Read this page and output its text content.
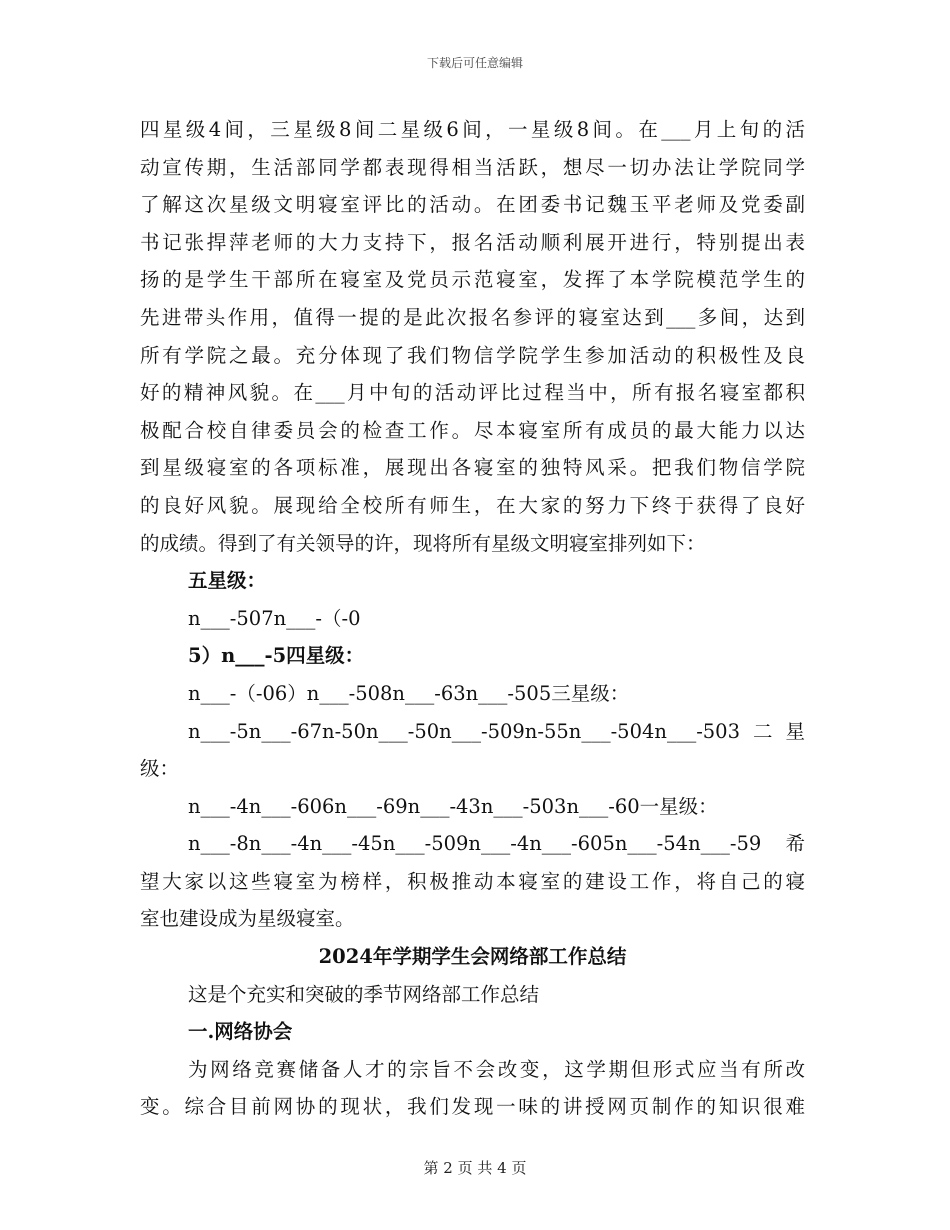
下载后可任意编辑
四星级4间，三星级8间二星级6间，一星级8间。在___月上旬的活
动宣传期，生活部同学都表现得相当活跃，想尽一切办法让学院同学
了解这次星级文明寝室评比的活动。在团委书记魏玉平老师及党委副
书记张捍萍老师的大力支持下，报名活动顺利展开进行，特别提出表
扬的是学生干部所在寝室及党员示范寝室，发挥了本学院模范学生的
先进带头作用，值得一提的是此次报名参评的寝室达到___多间，达到
所有学院之最。充分体现了我们物信学院学生参加活动的积极性及良
好的精神风貌。在___月中旬的活动评比过程当中，所有报名寝室都积
极配合校自律委员会的检查工作。尽本寝室所有成员的最大能力以达
到星级寝室的各项标准，展现出各寝室的独特风采。把我们物信学院
的良好风貌。展现给全校所有师生，在大家的努力下终于获得了良好
的成绩。得到了有关领导的许，现将所有星级文明寝室排列如下：
五星级：
n___-507n___-（-0
5）n___-5四星级：
n___-（-06）n___-508n___-63n___-505三星级：
n___-5n___-67n-50n___-50n___-509n-55n___-504n___-503二星
级：
n___-4n___-606n___-69n___-43n___-503n___-60一星级：
n___-8n___-4n___-45n___-509n___-4n___-605n___-54n___-59希
望大家以这些寝室为榜样，积极推动本寝室的建设工作，将自己的寝
室也建设成为星级寝室。
2024年学期学生会网络部工作总结
这是个充实和突破的季节网络部工作总结
一.网络协会
为网络竞赛储备人才的宗旨不会改变，这学期但形式应当有所改
变。综合目前网协的现状，我们发现一味的讲授网页制作的知识很难
第 2 页 共 4 页
